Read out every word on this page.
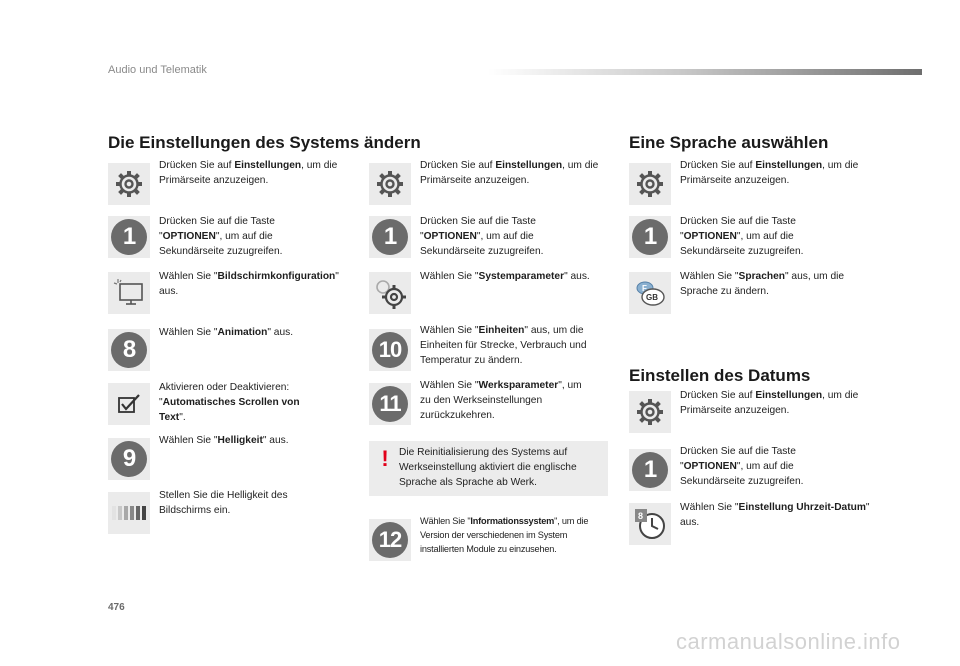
Audio und Telematik
Die Einstellungen des Systems ändern
Drücken Sie auf Einstellungen, um die Primärseite anzuzeigen.
1
Drücken Sie auf die Taste "OPTIONEN", um auf die Sekundärseite zuzugreifen.
Wählen Sie "Bildschirmkonfiguration" aus.
8
Wählen Sie "Animation" aus.
Aktivieren oder Deaktivieren: "Automatisches Scrollen von Text".
9
Wählen Sie "Helligkeit" aus.
Stellen Sie die Helligkeit des Bildschirms ein.
Drücken Sie auf Einstellungen, um die Primärseite anzuzeigen.
1
Drücken Sie auf die Taste "OPTIONEN", um auf die Sekundärseite zuzugreifen.
Wählen Sie "Systemparameter" aus.
10
Wählen Sie "Einheiten" aus, um die Einheiten für Strecke, Verbrauch und Temperatur zu ändern.
11
Wählen Sie "Werksparameter", um zu den Werkseinstellungen zurückzukehren.
! Die Reinitialisierung des Systems auf Werkseinstellung aktiviert die englische Sprache als Sprache ab Werk.
12
Wählen Sie "Informationssystem", um die Version der verschiedenen im System installierten Module zu einzusehen.
Eine Sprache auswählen
Drücken Sie auf Einstellungen, um die Primärseite anzuzeigen.
1
Drücken Sie auf die Taste "OPTIONEN", um auf die Sekundärseite zuzugreifen.
F
GB
Wählen Sie "Sprachen" aus, um die Sprache zu ändern.
Einstellen des Datums
Drücken Sie auf Einstellungen, um die Primärseite anzuzeigen.
1
Drücken Sie auf die Taste "OPTIONEN", um auf die Sekundärseite zuzugreifen.
8
Wählen Sie "Einstellung Uhrzeit-Datum" aus.
476
carmanualsonline.info
